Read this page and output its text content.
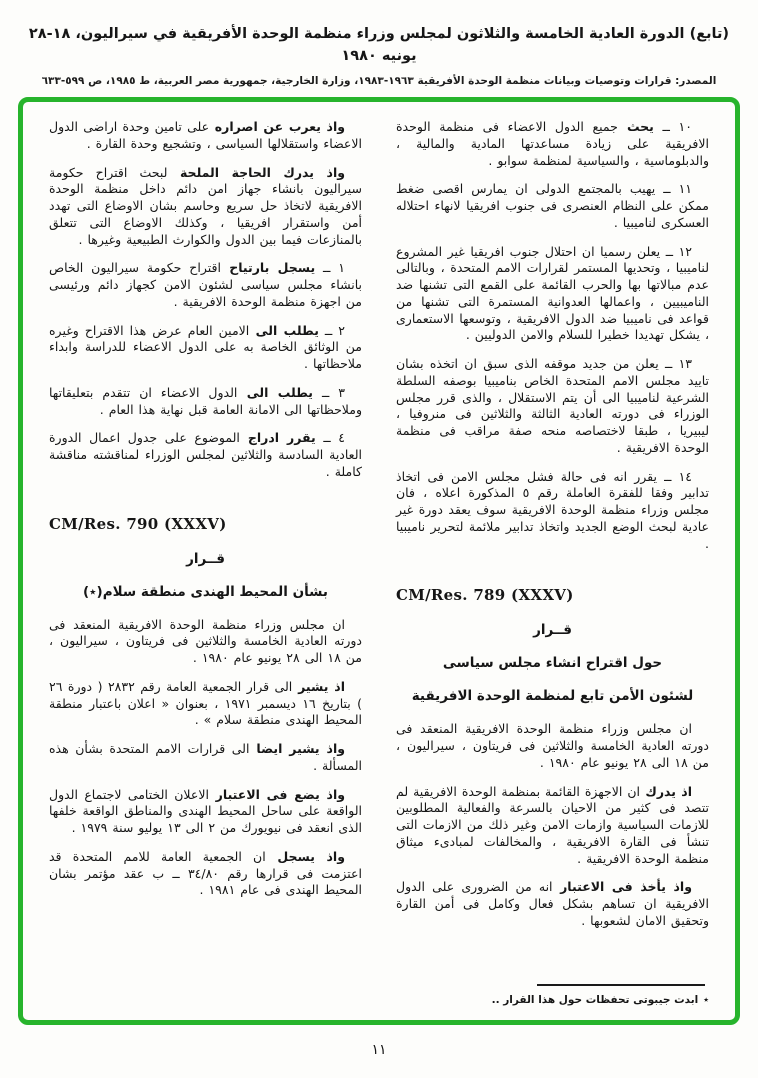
(تابع) الدورة العادية الخامسة والثلاثون لمجلس وزراء منظمة الوحدة الأفريقية في سيراليون، ١٨-٢٨ يونيه ١٩٨٠
المصدر: قرارات وتوصيات وبيانات منظمة الوحدة الأفريقية ١٩٦٣-١٩٨٣، وزارة الخارجية، جمهورية مصر العربية، ط ١٩٨٥، ص ٥٩٩-٦٣٣

١٠ ــ يحث جميع الدول الاعضاء فى منظمة الوحدة الافريقية على زيادة مساعدتها المادية والمالية ، والدبلوماسية ، والسياسية لمنظمة سوابو .

١١ ــ يهيب بالمجتمع الدولى ان يمارس اقصى ضغط ممكن على النظام العنصرى فى جنوب افريقيا لانهاء احتلاله العسكرى لناميبيا .

١٢ ــ يعلن رسميا ان احتلال جنوب افريقيا غير المشروع لناميبيا ، وتحديها المستمر لقرارات الامم المتحدة ، وبالتالى عدم مبالاتها بها والحرب القائمة على القمع التى تشنها ضد الناميبيين ، واعمالها العدوانية المستمرة التى تشنها من قواعد فى ناميبيا ضد الدول الافريقية ، وتوسعها الاستعمارى ، يشكل تهديدا خطيرا للسلام والامن الدوليين .

١٣ ــ يعلن من جديد موقفه الذى سبق ان اتخذه بشان تاييد مجلس الامم المتحدة الخاص بناميبيا بوصفه السلطة الشرعية لناميبيا الى أن يتم الاستقلال ، والذى قرر مجلس الوزراء فى دورته العادية الثالثة والثلاثين فى منروفيا ، ليبيريا ، طبقا لاختصاصه منحه صفة مراقب فى منظمة الوحدة الافريقية .

١٤ ــ يقرر انه فى حالة فشل مجلس الامن فى اتخاذ تدابير وفقا للفقرة العاملة رقم ٥ المذكورة اعلاه ، فان مجلس وزراء منظمة الوحدة الافريقية سوف يعقد دورة غير عادية لبحث الوضع الجديد واتخاذ تدابير ملائمة لتحرير ناميبيا .

CM/Res. 789 (XXXV)
قــرار
حول اقتراح انشاء مجلس سياسى
لشئون الأمن تابع لمنظمة الوحدة الافريقية

ان مجلس وزراء منظمة الوحدة الافريقية المنعقد فى دورته العادية الخامسة والثلاثين فى فريتاون ، سيراليون ، من ١٨ الى ٢٨ يونيو عام ١٩٨٠ .

اذ يدرك ان الاجهزة القائمة بمنظمة الوحدة الافريقية لم تتصد فى كثير من الاحيان بالسرعة والفعالية المطلوبين للازمات السياسية وازمات الامن وغير ذلك من الازمات التى تنشأ فى القارة الافريقية ، والمخالفات لمبادىء ميثاق منظمة الوحدة الافريقية .

واذ يأخذ فى الاعتبار انه من الضرورى على الدول الافريقية ان تساهم بشكل فعال وكامل فى أمن القارة وتحقيق الامان لشعوبها .

٭ابدت جيبوتى تحفظات حول هذا القرار ..

واذ يعرب عن اصراره على تامين وحدة اراضى الدول الاعضاء واستقلالها السياسى ، وتشجيع وحدة القارة .

واذ يدرك الحاجة الملحة لبحث اقتراح حكومة سيراليون بانشاء جهاز امن دائم داخل منظمة الوحدة الافريقية لاتخاذ حل سريع وحاسم بشان الاوضاع التى تهدد أمن واستقرار افريقيا ، وكذلك الاوضاع التى تتعلق بالمنازعات فيما بين الدول والكوارث الطبيعية وغيرها .

١ ــ يسجل بارتياح اقتراح حكومة سيراليون الخاص بانشاء مجلس سياسى لشئون الامن كجهاز دائم ورئيسى من اجهزة منظمة الوحدة الافريقية .

٢ ــ يطلب الى الامين العام عرض هذا الاقتراح وغيره من الوثائق الخاصة به على الدول الاعضاء للدراسة وابداء ملاحظاتها .

٣ ــ يطلب الى الدول الاعضاء ان تتقدم بتعليقاتها وملاحظاتها الى الامانة العامة قبل نهاية هذا العام .

٤ ــ يقرر ادراج الموضوع على جدول اعمال الدورة العادية السادسة والثلاثين لمجلس الوزراء لمناقشته مناقشة كاملة .

CM/Res. 790 (XXXV)
قــرار
بشأن المحيط الهندى منطقة سلام(٭)

ان مجلس وزراء منظمة الوحدة الافريقية المنعقد فى دورته العادية الخامسة والثلاثين فى فريتاون ، سيراليون ، من ١٨ الى ٢٨ يونيو عام ١٩٨٠ .

اذ يشير الى قرار الجمعية العامة رقم ٢٨٣٢ ( دورة ٢٦ ) بتاريخ ١٦ ديسمبر ١٩٧١ ، بعنوان « اعلان باعتبار منطقة المحيط الهندى منطقة سلام » .

واذ يشير ايضا الى قرارات الامم المتحدة بشأن هذه المسألة .

واذ يضع فى الاعتبار الاعلان الختامى لاجتماع الدول الواقعة على ساحل المحيط الهندى والمناطق الواقعة خلفها الذى انعقد فى نيويورك من ٢ الى ١٣ يوليو سنة ١٩٧٩ .

واذ يسجل ان الجمعية العامة للامم المتحدة قد اعتزمت فى قرارها رقم ٣٤/٨٠ ــ ب عقد مؤتمر بشان المحيط الهندى فى عام ١٩٨١ .

١١
